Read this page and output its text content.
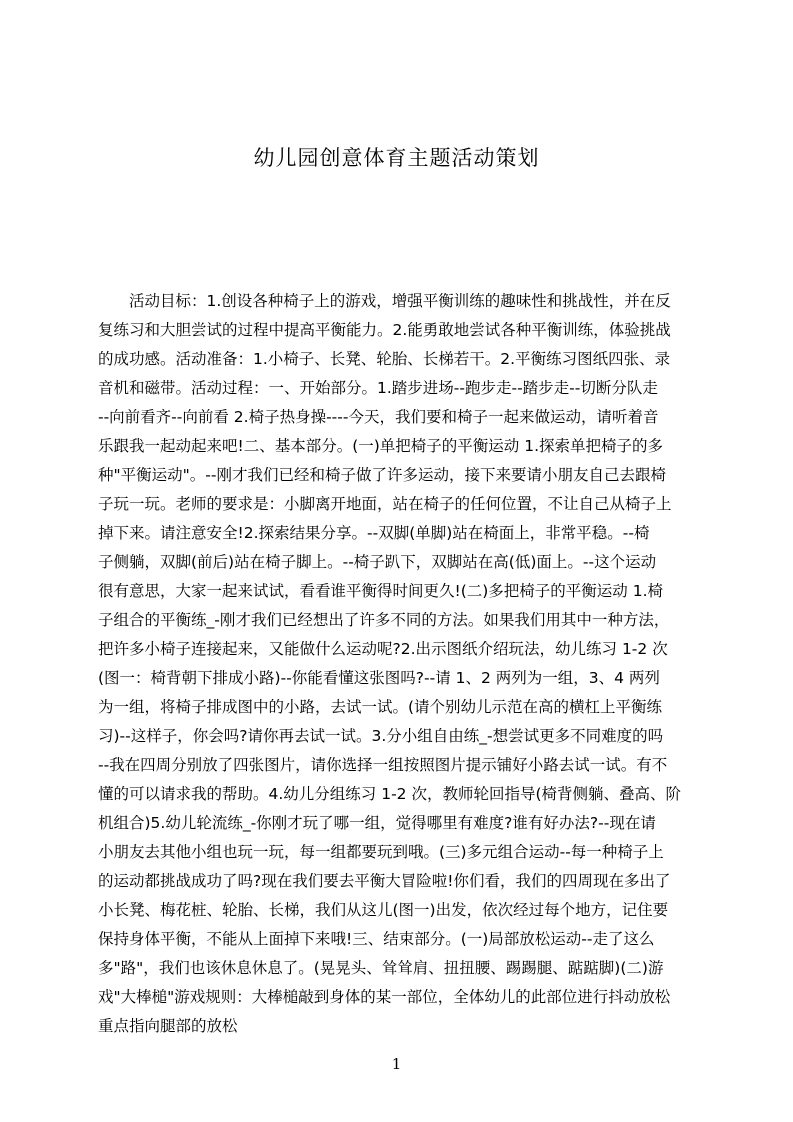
幼儿园创意体育主题活动策划
　　活动目标：1.创设各种椅子上的游戏，增强平衡训练的趣味性和挑战性，并在反
复练习和大胆尝试的过程中提高平衡能力。2.能勇敢地尝试各种平衡训练，体验挑战
的成功感。活动准备：1.小椅子、长凳、轮胎、长梯若干。2.平衡练习图纸四张、录
音机和磁带。活动过程：一、开始部分。1.踏步进场--跑步走--踏步走--切断分队走
--向前看齐--向前看 2.椅子热身操----今天，我们要和椅子一起来做运动，请听着音
乐跟我一起动起来吧!二、基本部分。(一)单把椅子的平衡运动 1.探索单把椅子的多
种"平衡运动"。--刚才我们已经和椅子做了许多运动，接下来要请小朋友自己去跟椅
子玩一玩。老师的要求是：小脚离开地面，站在椅子的任何位置，不让自己从椅子上
掉下来。请注意安全!2.探索结果分享。--双脚(单脚)站在椅面上，非常平稳。--椅
子侧躺，双脚(前后)站在椅子脚上。--椅子趴下，双脚站在高(低)面上。--这个运动
很有意思，大家一起来试试，看看谁平衡得时间更久!(二)多把椅子的平衡运动 1.椅
子组合的平衡练_-刚才我们已经想出了许多不同的方法。如果我们用其中一种方法，
把许多小椅子连接起来，又能做什么运动呢?2.出示图纸介绍玩法，幼儿练习 1-2 次
(图一：椅背朝下排成小路)--你能看懂这张图吗?--请 1、2 两列为一组，3、4 两列
为一组，将椅子排成图中的小路，去试一试。(请个别幼儿示范在高的横杠上平衡练
习)--这样子，你会吗?请你再去试一试。3.分小组自由练_-想尝试更多不同难度的吗
--我在四周分别放了四张图片，请你选择一组按照图片提示铺好小路去试一试。有不
懂的可以请求我的帮助。4.幼儿分组练习 1-2 次，教师轮回指导(椅背侧躺、叠高、阶
机组合)5.幼儿轮流练_-你刚才玩了哪一组，觉得哪里有难度?谁有好办法?--现在请
小朋友去其他小组也玩一玩，每一组都要玩到哦。(三)多元组合运动--每一种椅子上
的运动都挑战成功了吗?现在我们要去平衡大冒险啦!你们看，我们的四周现在多出了
小长凳、梅花桩、轮胎、长梯，我们从这儿(图一)出发，依次经过每个地方，记住要
保持身体平衡，不能从上面掉下来哦!三、结束部分。(一)局部放松运动--走了这么
多"路"，我们也该休息休息了。(晃晃头、耸耸肩、扭扭腰、踢踢腿、踮踮脚)(二)游
戏"大棒槌"游戏规则：大棒槌敲到身体的某一部位，全体幼儿的此部位进行抖动放松
重点指向腿部的放松
1
